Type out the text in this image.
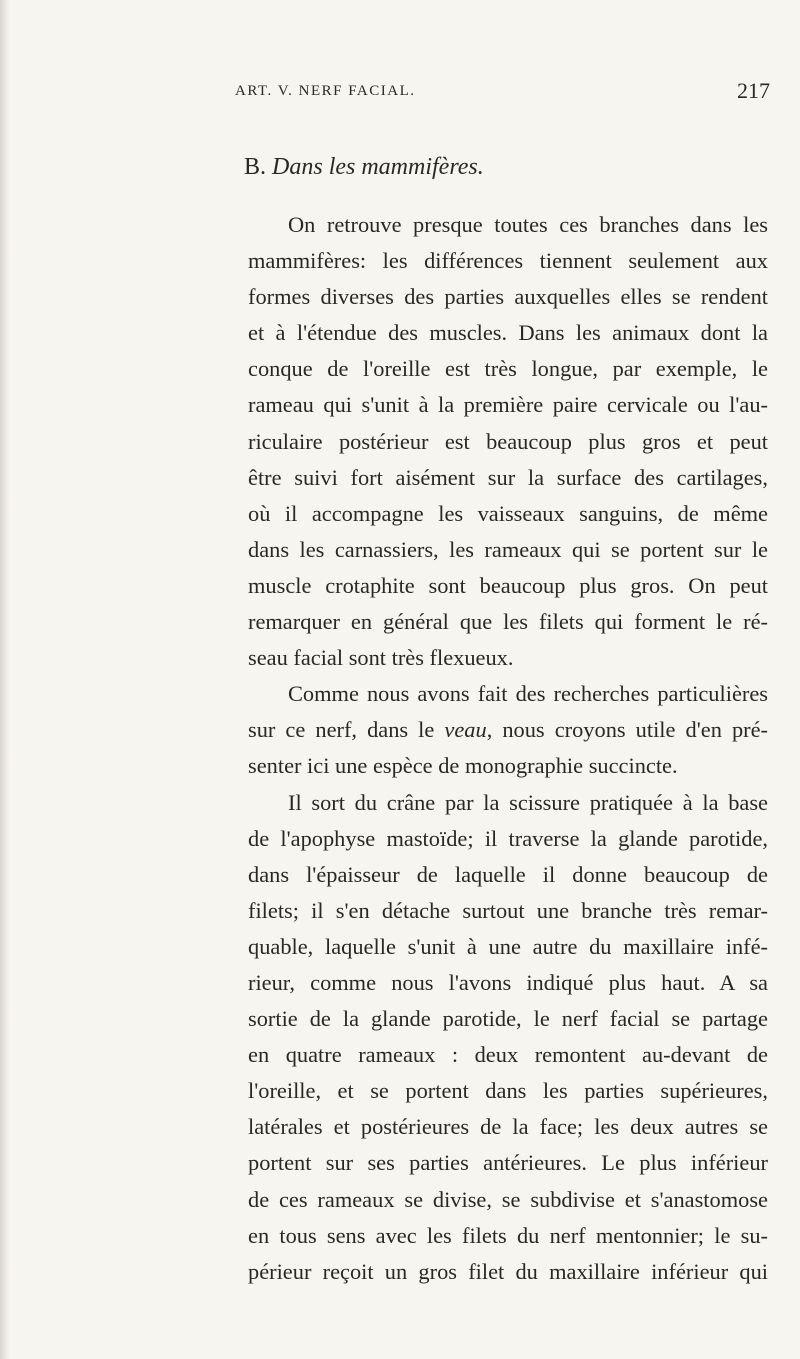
ART. V. NERF FACIAL.	217
B. Dans les mammifères.

On retrouve presque toutes ces branches dans les
mammifères: les différences tiennent seulement aux
formes diverses des parties auxquelles elles se rendent
et à l'étendue des muscles. Dans les animaux dont la
conque de l'oreille est très longue, par exemple, le
rameau qui s'unit à la première paire cervicale ou l'au-
riculaire postérieur est beaucoup plus gros et peut
être suivi fort aisément sur la surface des cartilages,
où il accompagne les vaisseaux sanguins, de même
dans les carnassiers, les rameaux qui se portent sur le
muscle crotaphite sont beaucoup plus gros. On peut
remarquer en général que les filets qui forment le ré-
seau facial sont très flexueux.

Comme nous avons fait des recherches particulières
sur ce nerf, dans le veau, nous croyons utile d'en pré-
senter ici une espèce de monographie succincte.

Il sort du crâne par la scissure pratiquée à la base
de l'apophyse mastoïde; il traverse la glande parotide,
dans l'épaisseur de laquelle il donne beaucoup de
filets; il s'en détache surtout une branche très remar-
quable, laquelle s'unit à une autre du maxillaire infé-
rieur, comme nous l'avons indiqué plus haut. A sa
sortie de la glande parotide, le nerf facial se partage
en quatre rameaux : deux remontent au-devant de
l'oreille, et se portent dans les parties supérieures,
latérales et postérieures de la face; les deux autres se
portent sur ses parties antérieures. Le plus inférieur
de ces rameaux se divise, se subdivise et s'anastomose
en tous sens avec les filets du nerf mentonnier; le su-
périeur reçoit un gros filet du maxillaire inférieur qui
